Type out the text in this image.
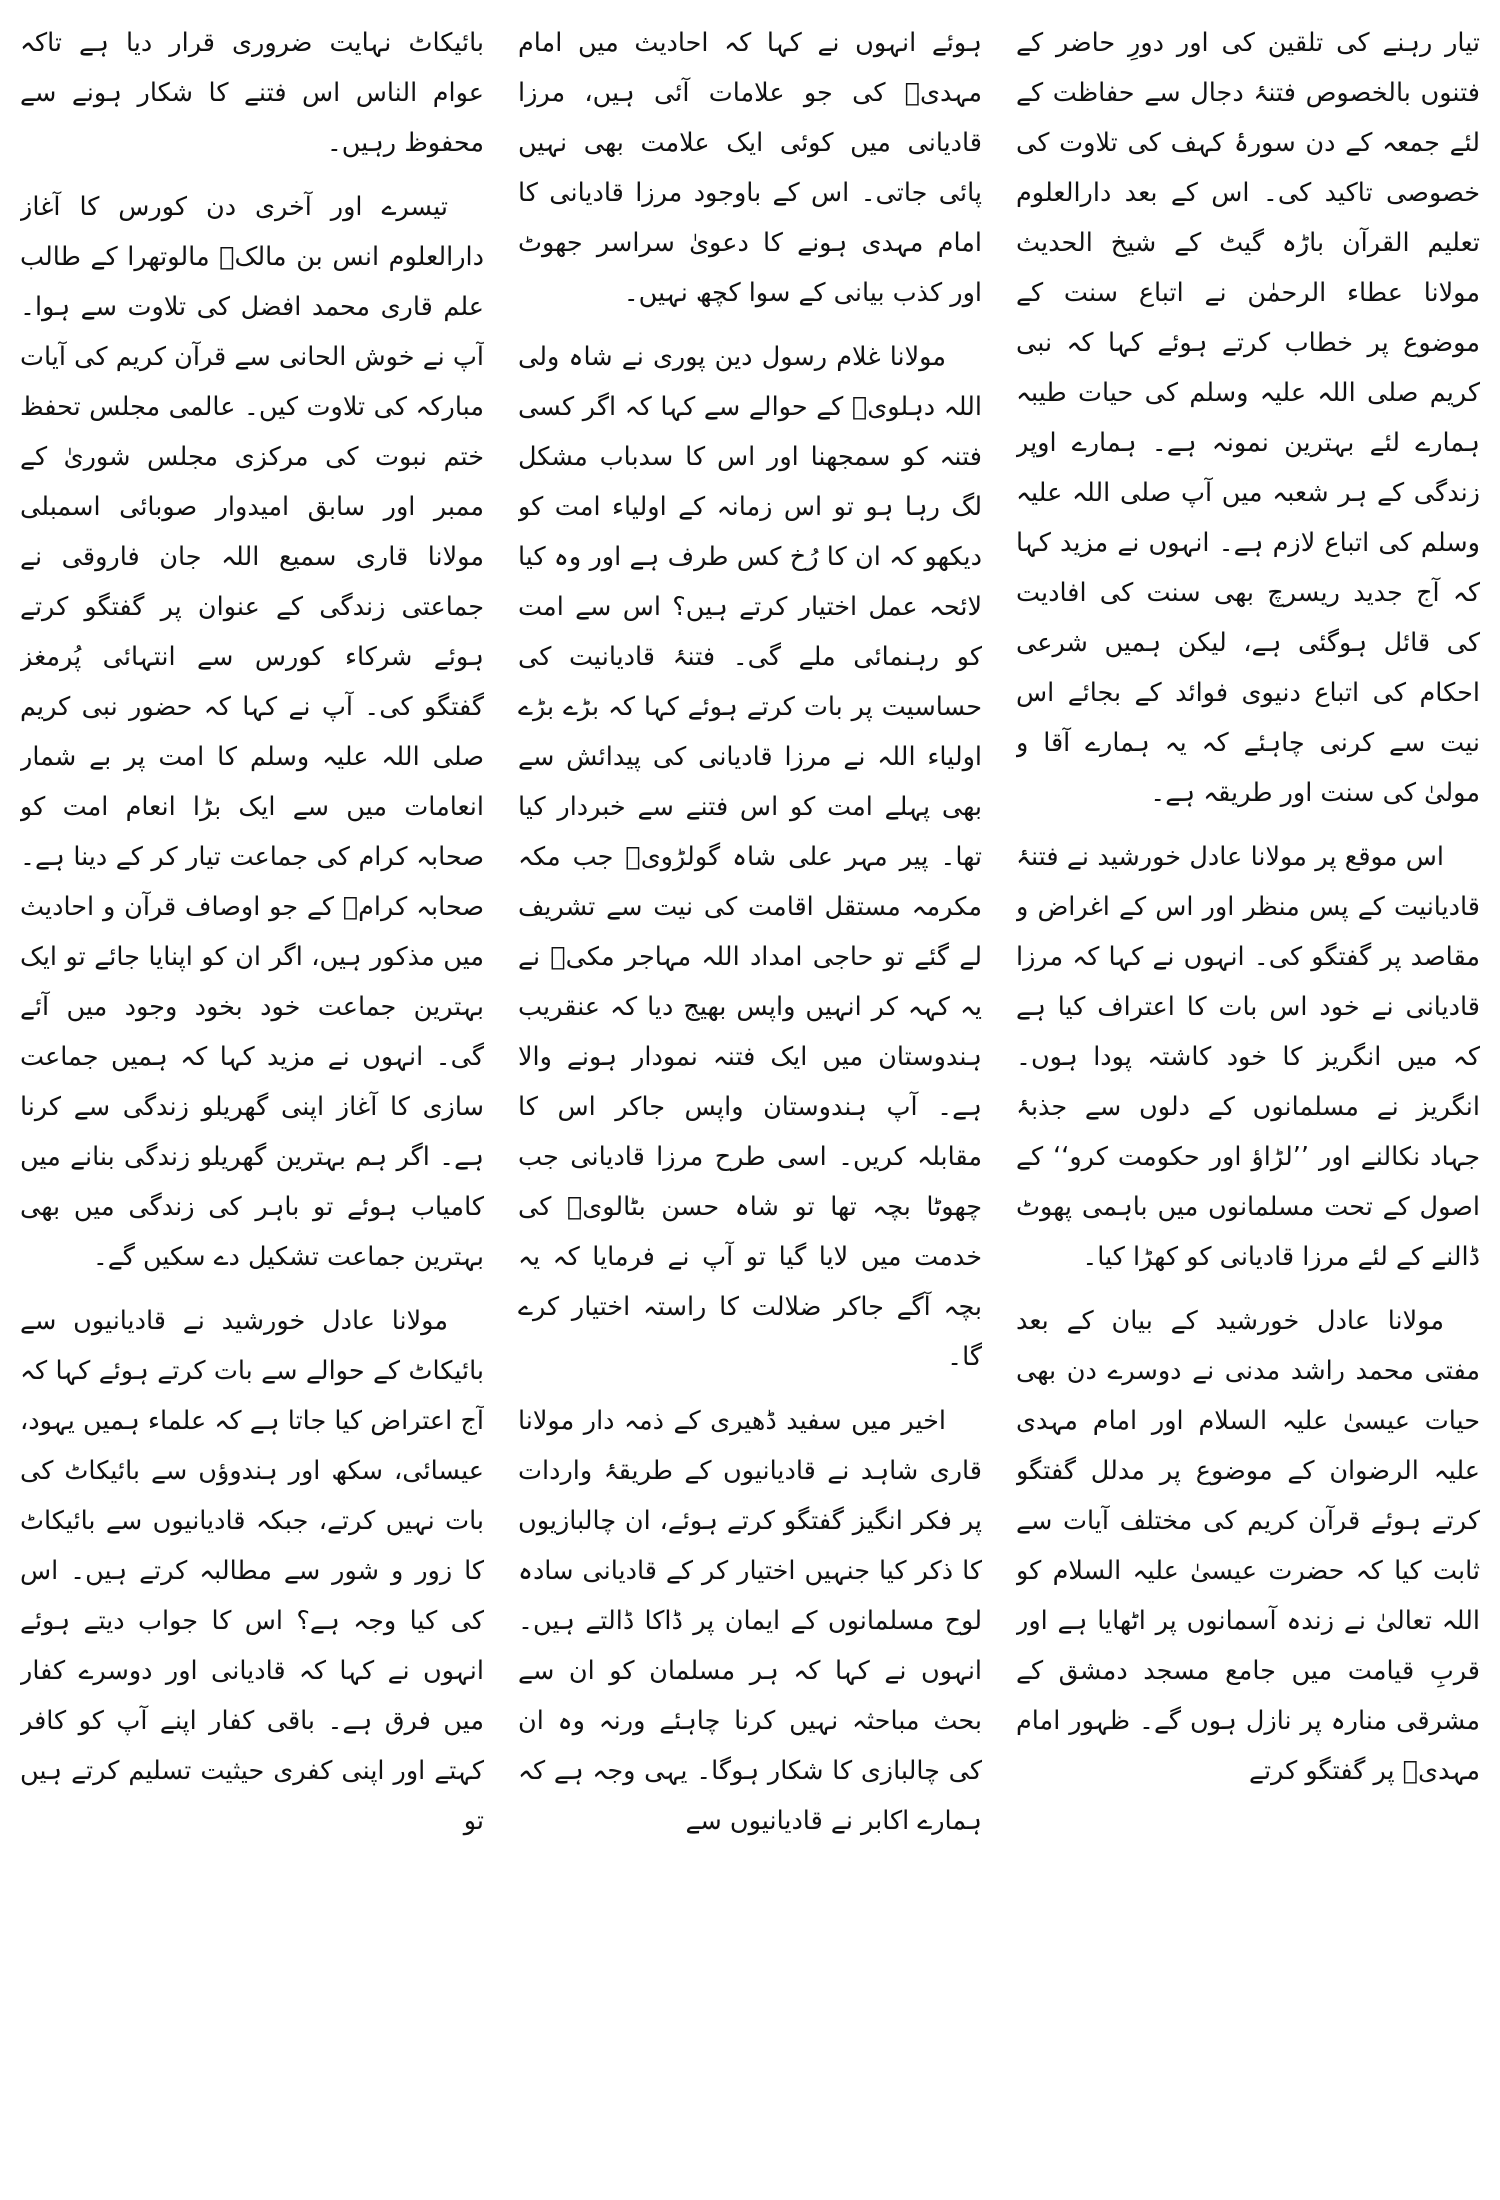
تیار رہنے کی تلقین کی اور دورِ حاضر کے فتنوں بالخصوص فتنۂ دجال سے حفاظت کے لئے جمعہ کے دن سورۂ کہف کی تلاوت کی خصوصی تاکید کی۔ اس کے بعد دارالعلوم تعلیم القرآن باڑہ گیٹ کے شیخ الحدیث مولانا عطاء الرحمٰن نے اتباع سنت کے موضوع پر خطاب کرتے ہوئے کہا کہ نبی کریم صلی اللہ علیہ وسلم کی حیات طیبہ ہمارے لئے بہترین نمونہ ہے۔ ہمارے اوپر زندگی کے ہر شعبہ میں آپ صلی اللہ علیہ وسلم کی اتباع لازم ہے۔ انہوں نے مزید کہا کہ آج جدید ریسرچ بھی سنت کی افادیت کی قائل ہوگئی ہے، لیکن ہمیں شرعی احکام کی اتباع دنیوی فوائد کے بجائے اس نیت سے کرنی چاہئے کہ یہ ہمارے آقا و مولیٰ کی سنت اور طریقہ ہے۔

اس موقع پر مولانا عادل خورشید نے فتنۂ قادیانیت کے پس منظر اور اس کے اغراض و مقاصد پر گفتگو کی۔ انہوں نے کہا کہ مرزا قادیانی نے خود اس بات کا اعتراف کیا ہے کہ میں انگریز کا خود کاشتہ پودا ہوں۔ انگریز نے مسلمانوں کے دلوں سے جذبۂ جہاد نکالنے اور ’’لڑاؤ اور حکومت کرو‘‘ کے اصول کے تحت مسلمانوں میں باہمی پھوٹ ڈالنے کے لئے مرزا قادیانی کو کھڑا کیا۔

مولانا عادل خورشید کے بیان کے بعد مفتی محمد راشد مدنی نے دوسرے دن بھی حیات عیسیٰ علیہ السلام اور امام مہدی علیہ الرضوان کے موضوع پر مدلل گفتگو کرتے ہوئے قرآن کریم کی مختلف آیات سے ثابت کیا کہ حضرت عیسیٰ علیہ السلام کو اللہ تعالیٰ نے زندہ آسمانوں پر اٹھایا ہے اور قربِ قیامت میں جامع مسجد دمشق کے مشرقی منارہ پر نازل ہوں گے۔ ظہور امام مہدیؒ پر گفتگو کرتے

ہوئے انہوں نے کہا کہ احادیث میں امام مہدیؒ کی جو علامات آئی ہیں، مرزا قادیانی میں کوئی ایک علامت بھی نہیں پائی جاتی۔ اس کے باوجود مرزا قادیانی کا امام مہدی ہونے کا دعویٰ سراسر جھوٹ اور کذب بیانی کے سوا کچھ نہیں۔

مولانا غلام رسول دین پوری نے شاہ ولی اللہ دہلویؒ کے حوالے سے کہا کہ اگر کسی فتنہ کو سمجھنا اور اس کا سدباب مشکل لگ رہا ہو تو اس زمانہ کے اولیاء امت کو دیکھو کہ ان کا رُخ کس طرف ہے اور وہ کیا لائحہ عمل اختیار کرتے ہیں؟ اس سے امت کو رہنمائی ملے گی۔ فتنۂ قادیانیت کی حساسیت پر بات کرتے ہوئے کہا کہ بڑے بڑے اولیاء اللہ نے مرزا قادیانی کی پیدائش سے بھی پہلے امت کو اس فتنے سے خبردار کیا تھا۔ پیر مہر علی شاہ گولڑویؒ جب مکہ مکرمہ مستقل اقامت کی نیت سے تشریف لے گئے تو حاجی امداد اللہ مہاجر مکیؒ نے یہ کہہ کر انہیں واپس بھیج دیا کہ عنقریب ہندوستان میں ایک فتنہ نمودار ہونے والا ہے۔ آپ ہندوستان واپس جاکر اس کا مقابلہ کریں۔ اسی طرح مرزا قادیانی جب چھوٹا بچہ تھا تو شاہ حسن بٹالویؒ کی خدمت میں لایا گیا تو آپ نے فرمایا کہ یہ بچہ آگے جاکر ضلالت کا راستہ اختیار کرے گا۔

اخیر میں سفید ڈھیری کے ذمہ دار مولانا قاری شاہد نے قادیانیوں کے طریقۂ واردات پر فکر انگیز گفتگو کرتے ہوئے، ان چالبازیوں کا ذکر کیا جنہیں اختیار کر کے قادیانی سادہ لوح مسلمانوں کے ایمان پر ڈاکا ڈالتے ہیں۔ انہوں نے کہا کہ ہر مسلمان کو ان سے بحث مباحثہ نہیں کرنا چاہئے ورنہ وہ ان کی چالبازی کا شکار ہوگا۔ یہی وجہ ہے کہ ہمارے اکابر نے قادیانیوں سے

بائیکاٹ نہایت ضروری قرار دیا ہے تاکہ عوام الناس اس فتنے کا شکار ہونے سے محفوظ رہیں۔

تیسرے اور آخری دن کورس کا آغاز دارالعلوم انس بن مالکؓ مالوتھرا کے طالب علم قاری محمد افضل کی تلاوت سے ہوا۔ آپ نے خوش الحانی سے قرآن کریم کی آیات مبارکہ کی تلاوت کیں۔ عالمی مجلس تحفظ ختم نبوت کی مرکزی مجلس شوریٰ کے ممبر اور سابق امیدوار صوبائی اسمبلی مولانا قاری سمیع اللہ جان فاروقی نے جماعتی زندگی کے عنوان پر گفتگو کرتے ہوئے شرکاء کورس سے انتہائی پُرمغز گفتگو کی۔ آپ نے کہا کہ حضور نبی کریم صلی اللہ علیہ وسلم کا امت پر بے شمار انعامات میں سے ایک بڑا انعام امت کو صحابہ کرام کی جماعت تیار کر کے دینا ہے۔ صحابہ کرامؓ کے جو اوصاف قرآن و احادیث میں مذکور ہیں، اگر ان کو اپنایا جائے تو ایک بہترین جماعت خود بخود وجود میں آئے گی۔ انہوں نے مزید کہا کہ ہمیں جماعت سازی کا آغاز اپنی گھریلو زندگی سے کرنا ہے۔ اگر ہم بہترین گھریلو زندگی بنانے میں کامیاب ہوئے تو باہر کی زندگی میں بھی بہترین جماعت تشکیل دے سکیں گے۔

مولانا عادل خورشید نے قادیانیوں سے بائیکاٹ کے حوالے سے بات کرتے ہوئے کہا کہ آج اعتراض کیا جاتا ہے کہ علماء ہمیں یہود، عیسائی، سکھ اور ہندوؤں سے بائیکاٹ کی بات نہیں کرتے، جبکہ قادیانیوں سے بائیکاٹ کا زور و شور سے مطالبہ کرتے ہیں۔ اس کی کیا وجہ ہے؟ اس کا جواب دیتے ہوئے انہوں نے کہا کہ قادیانی اور دوسرے کفار میں فرق ہے۔ باقی کفار اپنے آپ کو کافر کہتے اور اپنی کفری حیثیت تسلیم کرتے ہیں تو
